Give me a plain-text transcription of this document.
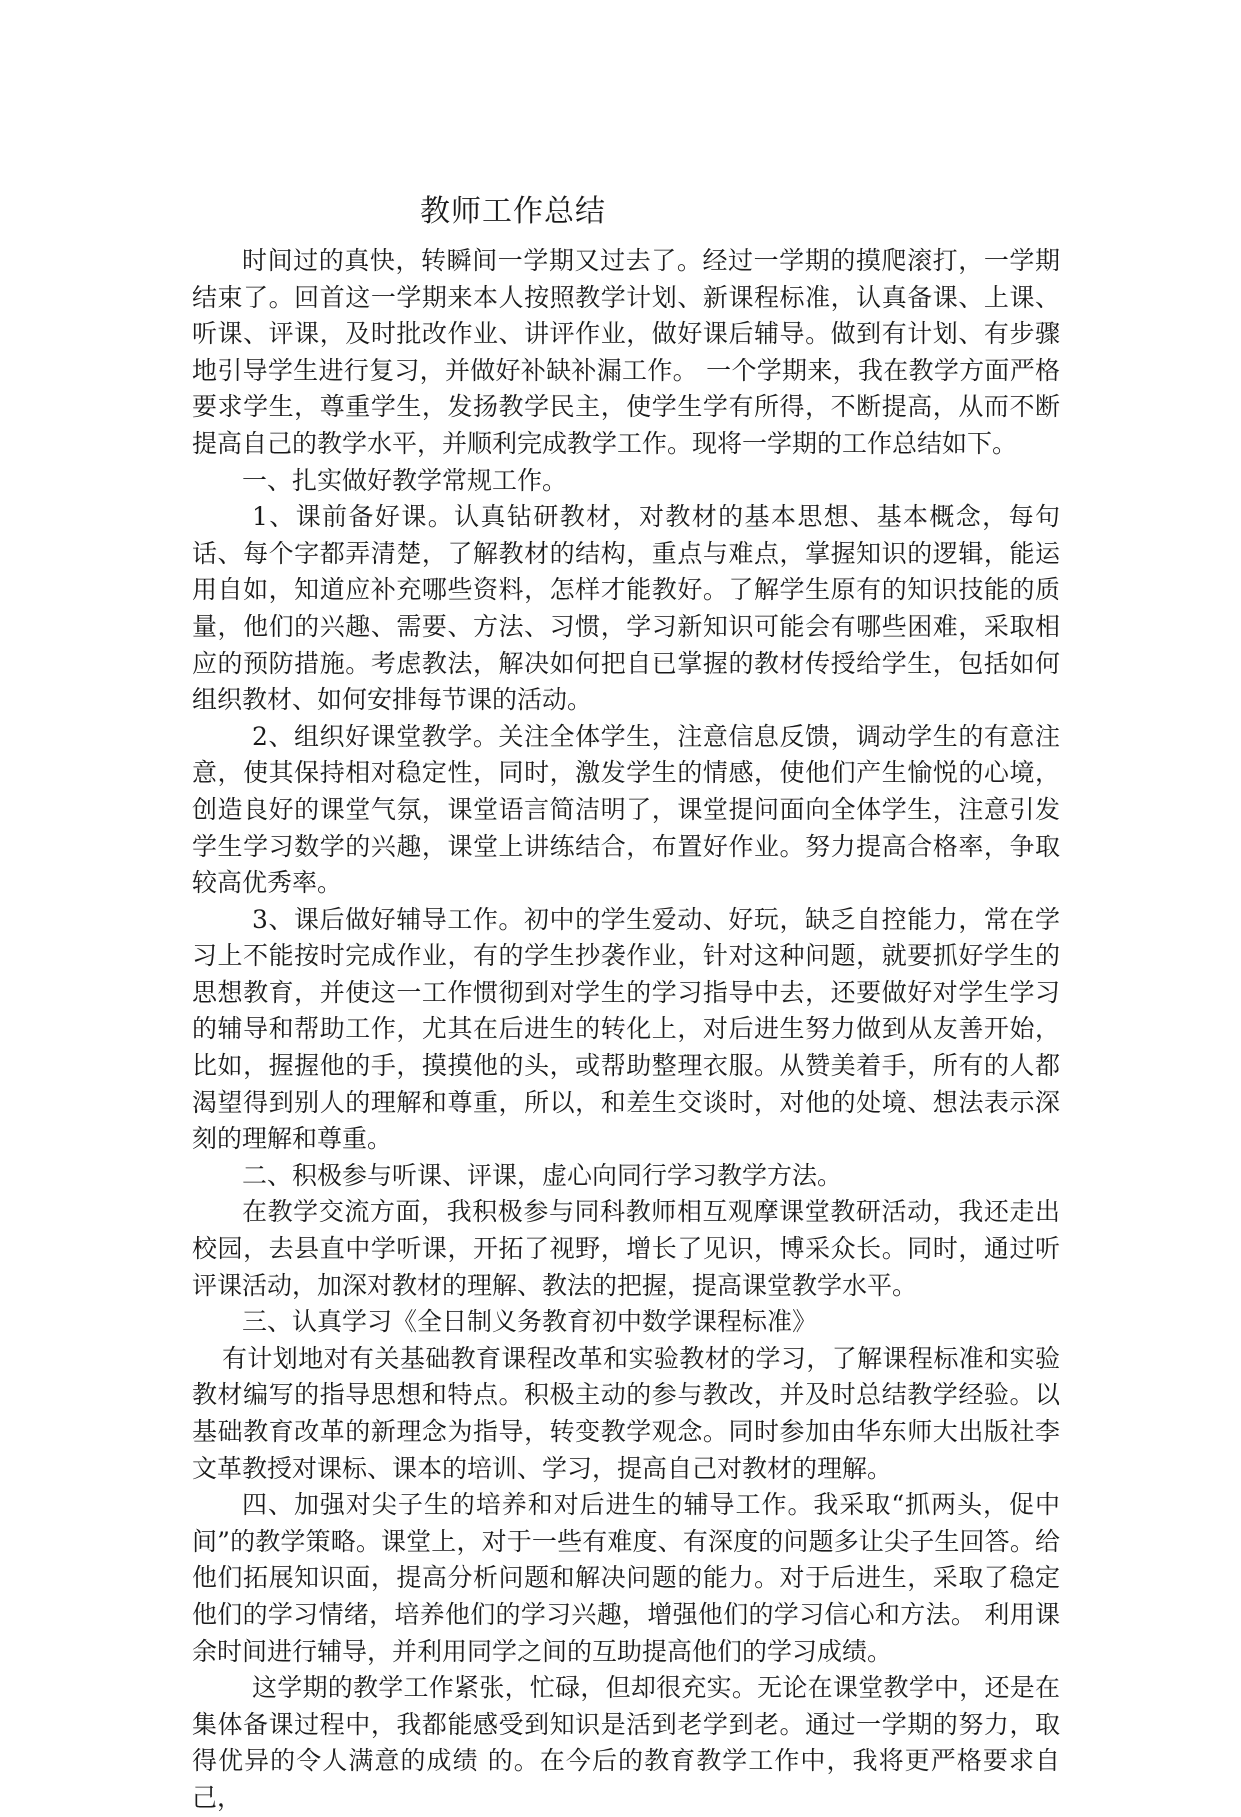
教师工作总结

时间过的真快，转瞬间一学期又过去了。经过一学期的摸爬滚打，一学期结束了。回首这一学期来本人按照教学计划、新课程标准，认真备课、上课、听课、评课，及时批改作业、讲评作业，做好课后辅导。做到有计划、有步骤地引导学生进行复习，并做好补缺补漏工作。 一个学期来，我在教学方面严格要求学生，尊重学生，发扬教学民主，使学生学有所得，不断提高，从而不断提高自己的教学水平，并顺利完成教学工作。现将一学期的工作总结如下。

一、扎实做好教学常规工作。

1、课前备好课。认真钻研教材，对教材的基本思想、基本概念，每句话、每个字都弄清楚，了解教材的结构，重点与难点，掌握知识的逻辑，能运用自如，知道应补充哪些资料，怎样才能教好。了解学生原有的知识技能的质量，他们的兴趣、需要、方法、习惯，学习新知识可能会有哪些困难，采取相应的预防措施。考虑教法，解决如何把自已掌握的教材传授给学生，包括如何组织教材、如何安排每节课的活动。

2、组织好课堂教学。关注全体学生，注意信息反馈，调动学生的有意注意，使其保持相对稳定性，同时，激发学生的情感，使他们产生愉悦的心境，创造良好的课堂气氛，课堂语言简洁明了，课堂提问面向全体学生，注意引发学生学习数学的兴趣，课堂上讲练结合，布置好作业。努力提高合格率，争取较高优秀率。

3、课后做好辅导工作。初中的学生爱动、好玩，缺乏自控能力，常在学习上不能按时完成作业，有的学生抄袭作业，针对这种问题，就要抓好学生的思想教育，并使这一工作惯彻到对学生的学习指导中去，还要做好对学生学习的辅导和帮助工作，尤其在后进生的转化上，对后进生努力做到从友善开始，比如，握握他的手，摸摸他的头，或帮助整理衣服。从赞美着手，所有的人都渴望得到别人的理解和尊重，所以，和差生交谈时，对他的处境、想法表示深刻的理解和尊重。

二、积极参与听课、评课，虚心向同行学习教学方法。

在教学交流方面，我积极参与同科教师相互观摩课堂教研活动，我还走出校园，去县直中学听课，开拓了视野，增长了见识，博采众长。同时，通过听评课活动，加深对教材的理解、教法的把握，提高课堂教学水平。

三、认真学习《全日制义务教育初中数学课程标准》

有计划地对有关基础教育课程改革和实验教材的学习，了解课程标准和实验教材编写的指导思想和特点。积极主动的参与教改，并及时总结教学经验。以基础教育改革的新理念为指导，转变教学观念。同时参加由华东师大出版社李文革教授对课标、课本的培训、学习，提高自己对教材的理解。

四、加强对尖子生的培养和对后进生的辅导工作。我采取“抓两头，促中间”的教学策略。课堂上，对于一些有难度、有深度的问题多让尖子生回答。给他们拓展知识面，提高分析问题和解决问题的能力。对于后进生，采取了稳定他们的学习情绪，培养他们的学习兴趣，增强他们的学习信心和方法。 利用课余时间进行辅导，并利用同学之间的互助提高他们的学习成绩。

这学期的教学工作紧张，忙碌，但却很充实。无论在课堂教学中，还是在集体备课过程中，我都能感受到知识是活到老学到老。通过一学期的努力，取得优异的令人满意的成绩 的。在今后的教育教学工作中，我将更严格要求自己，
